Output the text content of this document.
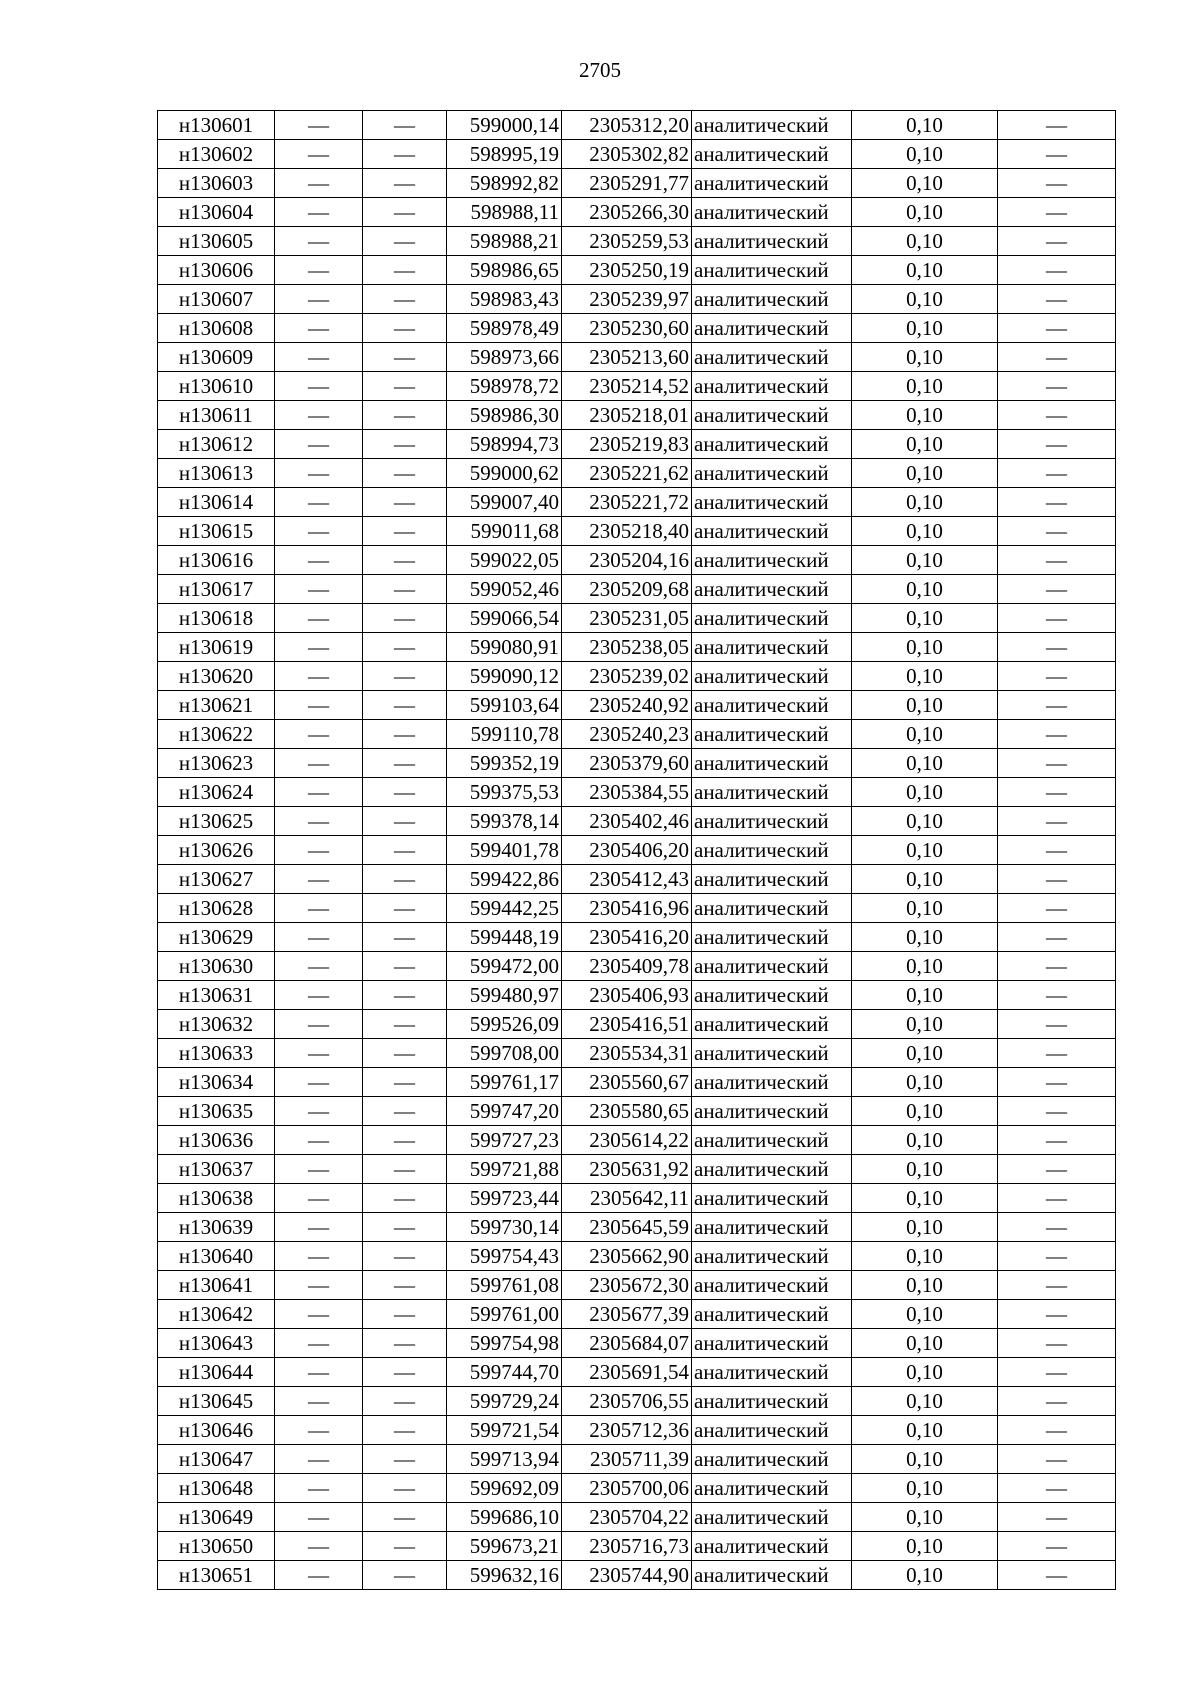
2705
н130601	—	—	599000,14	2305312,20	аналитический	0,10	—
н130602	—	—	598995,19	2305302,82	аналитический	0,10	—
н130603	—	—	598992,82	2305291,77	аналитический	0,10	—
н130604	—	—	598988,11	2305266,30	аналитический	0,10	—
н130605	—	—	598988,21	2305259,53	аналитический	0,10	—
н130606	—	—	598986,65	2305250,19	аналитический	0,10	—
н130607	—	—	598983,43	2305239,97	аналитический	0,10	—
н130608	—	—	598978,49	2305230,60	аналитический	0,10	—
н130609	—	—	598973,66	2305213,60	аналитический	0,10	—
н130610	—	—	598978,72	2305214,52	аналитический	0,10	—
н130611	—	—	598986,30	2305218,01	аналитический	0,10	—
н130612	—	—	598994,73	2305219,83	аналитический	0,10	—
н130613	—	—	599000,62	2305221,62	аналитический	0,10	—
н130614	—	—	599007,40	2305221,72	аналитический	0,10	—
н130615	—	—	599011,68	2305218,40	аналитический	0,10	—
н130616	—	—	599022,05	2305204,16	аналитический	0,10	—
н130617	—	—	599052,46	2305209,68	аналитический	0,10	—
н130618	—	—	599066,54	2305231,05	аналитический	0,10	—
н130619	—	—	599080,91	2305238,05	аналитический	0,10	—
н130620	—	—	599090,12	2305239,02	аналитический	0,10	—
н130621	—	—	599103,64	2305240,92	аналитический	0,10	—
н130622	—	—	599110,78	2305240,23	аналитический	0,10	—
н130623	—	—	599352,19	2305379,60	аналитический	0,10	—
н130624	—	—	599375,53	2305384,55	аналитический	0,10	—
н130625	—	—	599378,14	2305402,46	аналитический	0,10	—
н130626	—	—	599401,78	2305406,20	аналитический	0,10	—
н130627	—	—	599422,86	2305412,43	аналитический	0,10	—
н130628	—	—	599442,25	2305416,96	аналитический	0,10	—
н130629	—	—	599448,19	2305416,20	аналитический	0,10	—
н130630	—	—	599472,00	2305409,78	аналитический	0,10	—
н130631	—	—	599480,97	2305406,93	аналитический	0,10	—
н130632	—	—	599526,09	2305416,51	аналитический	0,10	—
н130633	—	—	599708,00	2305534,31	аналитический	0,10	—
н130634	—	—	599761,17	2305560,67	аналитический	0,10	—
н130635	—	—	599747,20	2305580,65	аналитический	0,10	—
н130636	—	—	599727,23	2305614,22	аналитический	0,10	—
н130637	—	—	599721,88	2305631,92	аналитический	0,10	—
н130638	—	—	599723,44	2305642,11	аналитический	0,10	—
н130639	—	—	599730,14	2305645,59	аналитический	0,10	—
н130640	—	—	599754,43	2305662,90	аналитический	0,10	—
н130641	—	—	599761,08	2305672,30	аналитический	0,10	—
н130642	—	—	599761,00	2305677,39	аналитический	0,10	—
н130643	—	—	599754,98	2305684,07	аналитический	0,10	—
н130644	—	—	599744,70	2305691,54	аналитический	0,10	—
н130645	—	—	599729,24	2305706,55	аналитический	0,10	—
н130646	—	—	599721,54	2305712,36	аналитический	0,10	—
н130647	—	—	599713,94	2305711,39	аналитический	0,10	—
н130648	—	—	599692,09	2305700,06	аналитический	0,10	—
н130649	—	—	599686,10	2305704,22	аналитический	0,10	—
н130650	—	—	599673,21	2305716,73	аналитический	0,10	—
н130651	—	—	599632,16	2305744,90	аналитический	0,10	—
